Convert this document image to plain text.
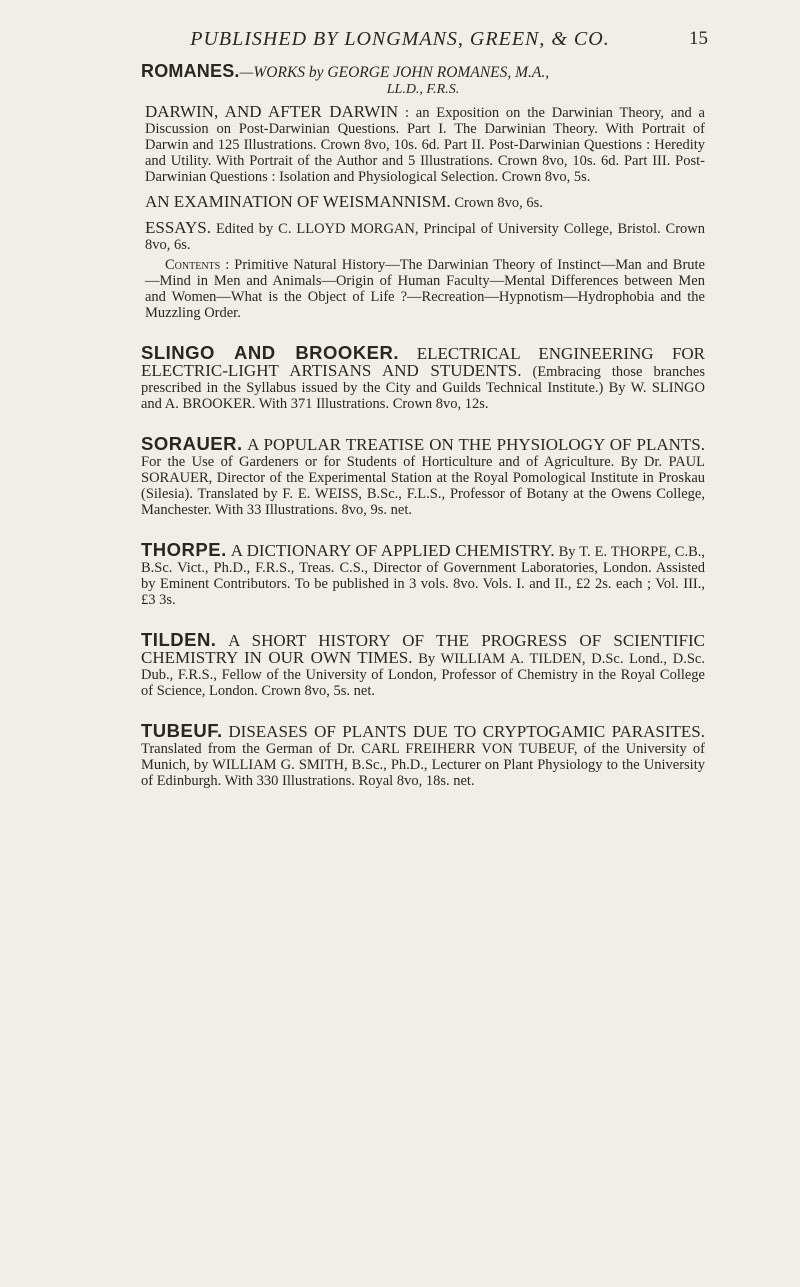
PUBLISHED BY LONGMANS, GREEN, & CO.	15

ROMANES.—WORKS by GEORGE JOHN ROMANES, M.A.,

LL.D., F.R.S.

DARWIN, AND AFTER DARWIN : an Exposition on the Darwinian Theory, and a Discussion on Post-Darwinian Questions. Part I. The Darwinian Theory. With Portrait of Darwin and 125 Illustrations. Crown 8vo, 10s. 6d. Part II. Post-Darwinian Questions : Heredity and Utility. With Portrait of the Author and 5 Illustrations. Crown 8vo, 10s. 6d. Part III. Post-Darwinian Questions : Isolation and Physiological Selection. Crown 8vo, 5s.

AN EXAMINATION OF WEISMANNISM. Crown 8vo, 6s.

ESSAYS. Edited by C. LLOYD MORGAN, Principal of University College, Bristol. Crown 8vo, 6s.

Contents : Primitive Natural History—The Darwinian Theory of Instinct—Man and Brute—Mind in Men and Animals—Origin of Human Faculty—Mental Differences between Men and Women—What is the Object of Life ?—Recreation—Hypnotism—Hydrophobia and the Muzzling Order.

SLINGO AND BROOKER. ELECTRICAL ENGINEERING FOR ELECTRIC-LIGHT ARTISANS AND STUDENTS. (Embracing those branches prescribed in the Syllabus issued by the City and Guilds Technical Institute.) By W. SLINGO and A. BROOKER. With 371 Illustrations. Crown 8vo, 12s.

SORAUER. A POPULAR TREATISE ON THE PHYSIOLOGY OF PLANTS. For the Use of Gardeners or for Students of Horticulture and of Agriculture. By Dr. PAUL SORAUER, Director of the Experimental Station at the Royal Pomological Institute in Proskau (Silesia). Translated by F. E. WEISS, B.Sc., F.L.S., Professor of Botany at the Owens College, Manchester. With 33 Illustrations. 8vo, 9s. net.

THORPE. A DICTIONARY OF APPLIED CHEMISTRY. By T. E. THORPE, C.B., B.Sc. Vict., Ph.D., F.R.S., Treas. C.S., Director of Government Laboratories, London. Assisted by Eminent Contributors. To be published in 3 vols. 8vo. Vols. I. and II., £2 2s. each ; Vol. III., £3 3s.

TILDEN. A SHORT HISTORY OF THE PROGRESS OF SCIENTIFIC CHEMISTRY IN OUR OWN TIMES. By WILLIAM A. TILDEN, D.Sc. Lond., D.Sc. Dub., F.R.S., Fellow of the University of London, Professor of Chemistry in the Royal College of Science, London. Crown 8vo, 5s. net.

TUBEUF. DISEASES OF PLANTS DUE TO CRYPTOGAMIC PARASITES. Translated from the German of Dr. CARL FREIHERR VON TUBEUF, of the University of Munich, by WILLIAM G. SMITH, B.Sc., Ph.D., Lecturer on Plant Physiology to the University of Edinburgh. With 330 Illustrations. Royal 8vo, 18s. net.
